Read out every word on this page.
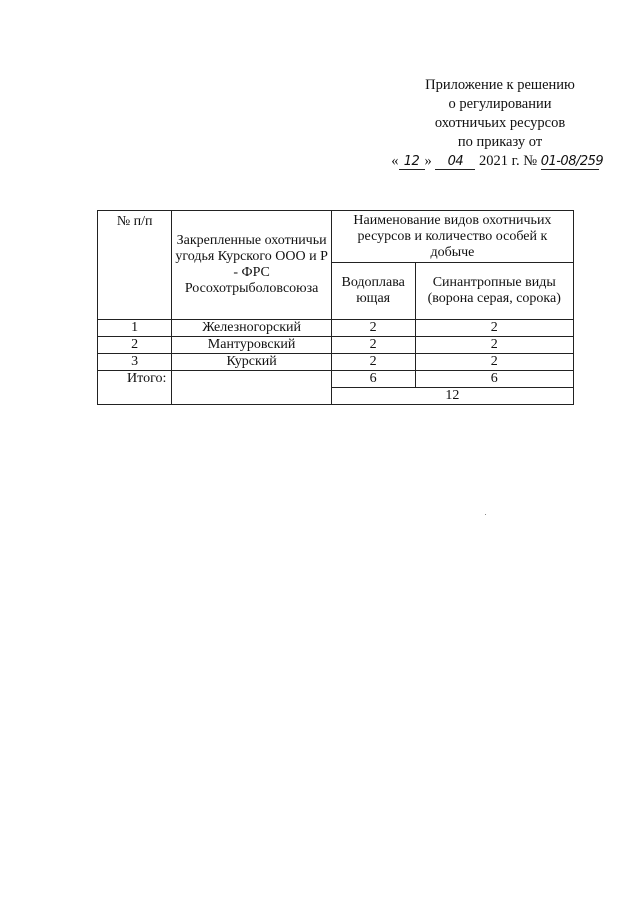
Приложение к решению
о регулировании
охотничьих ресурсов
по приказу от
« 12 » 04 2021 г. № 01-08/259
№ п/п	Закрепленные охотничьи угодья Курского ООО и Р - ФРС Росохотрыболовсоюза	Наименование видов охотничьих ресурсов и количество особей к добыче	
		Водоплава ющая	Синантропные виды (ворона серая, сорока)
1	Железногорский	2	2
2	Мантуровский	2	2
3	Курский	2	2
Итого:		6	6
		12	
